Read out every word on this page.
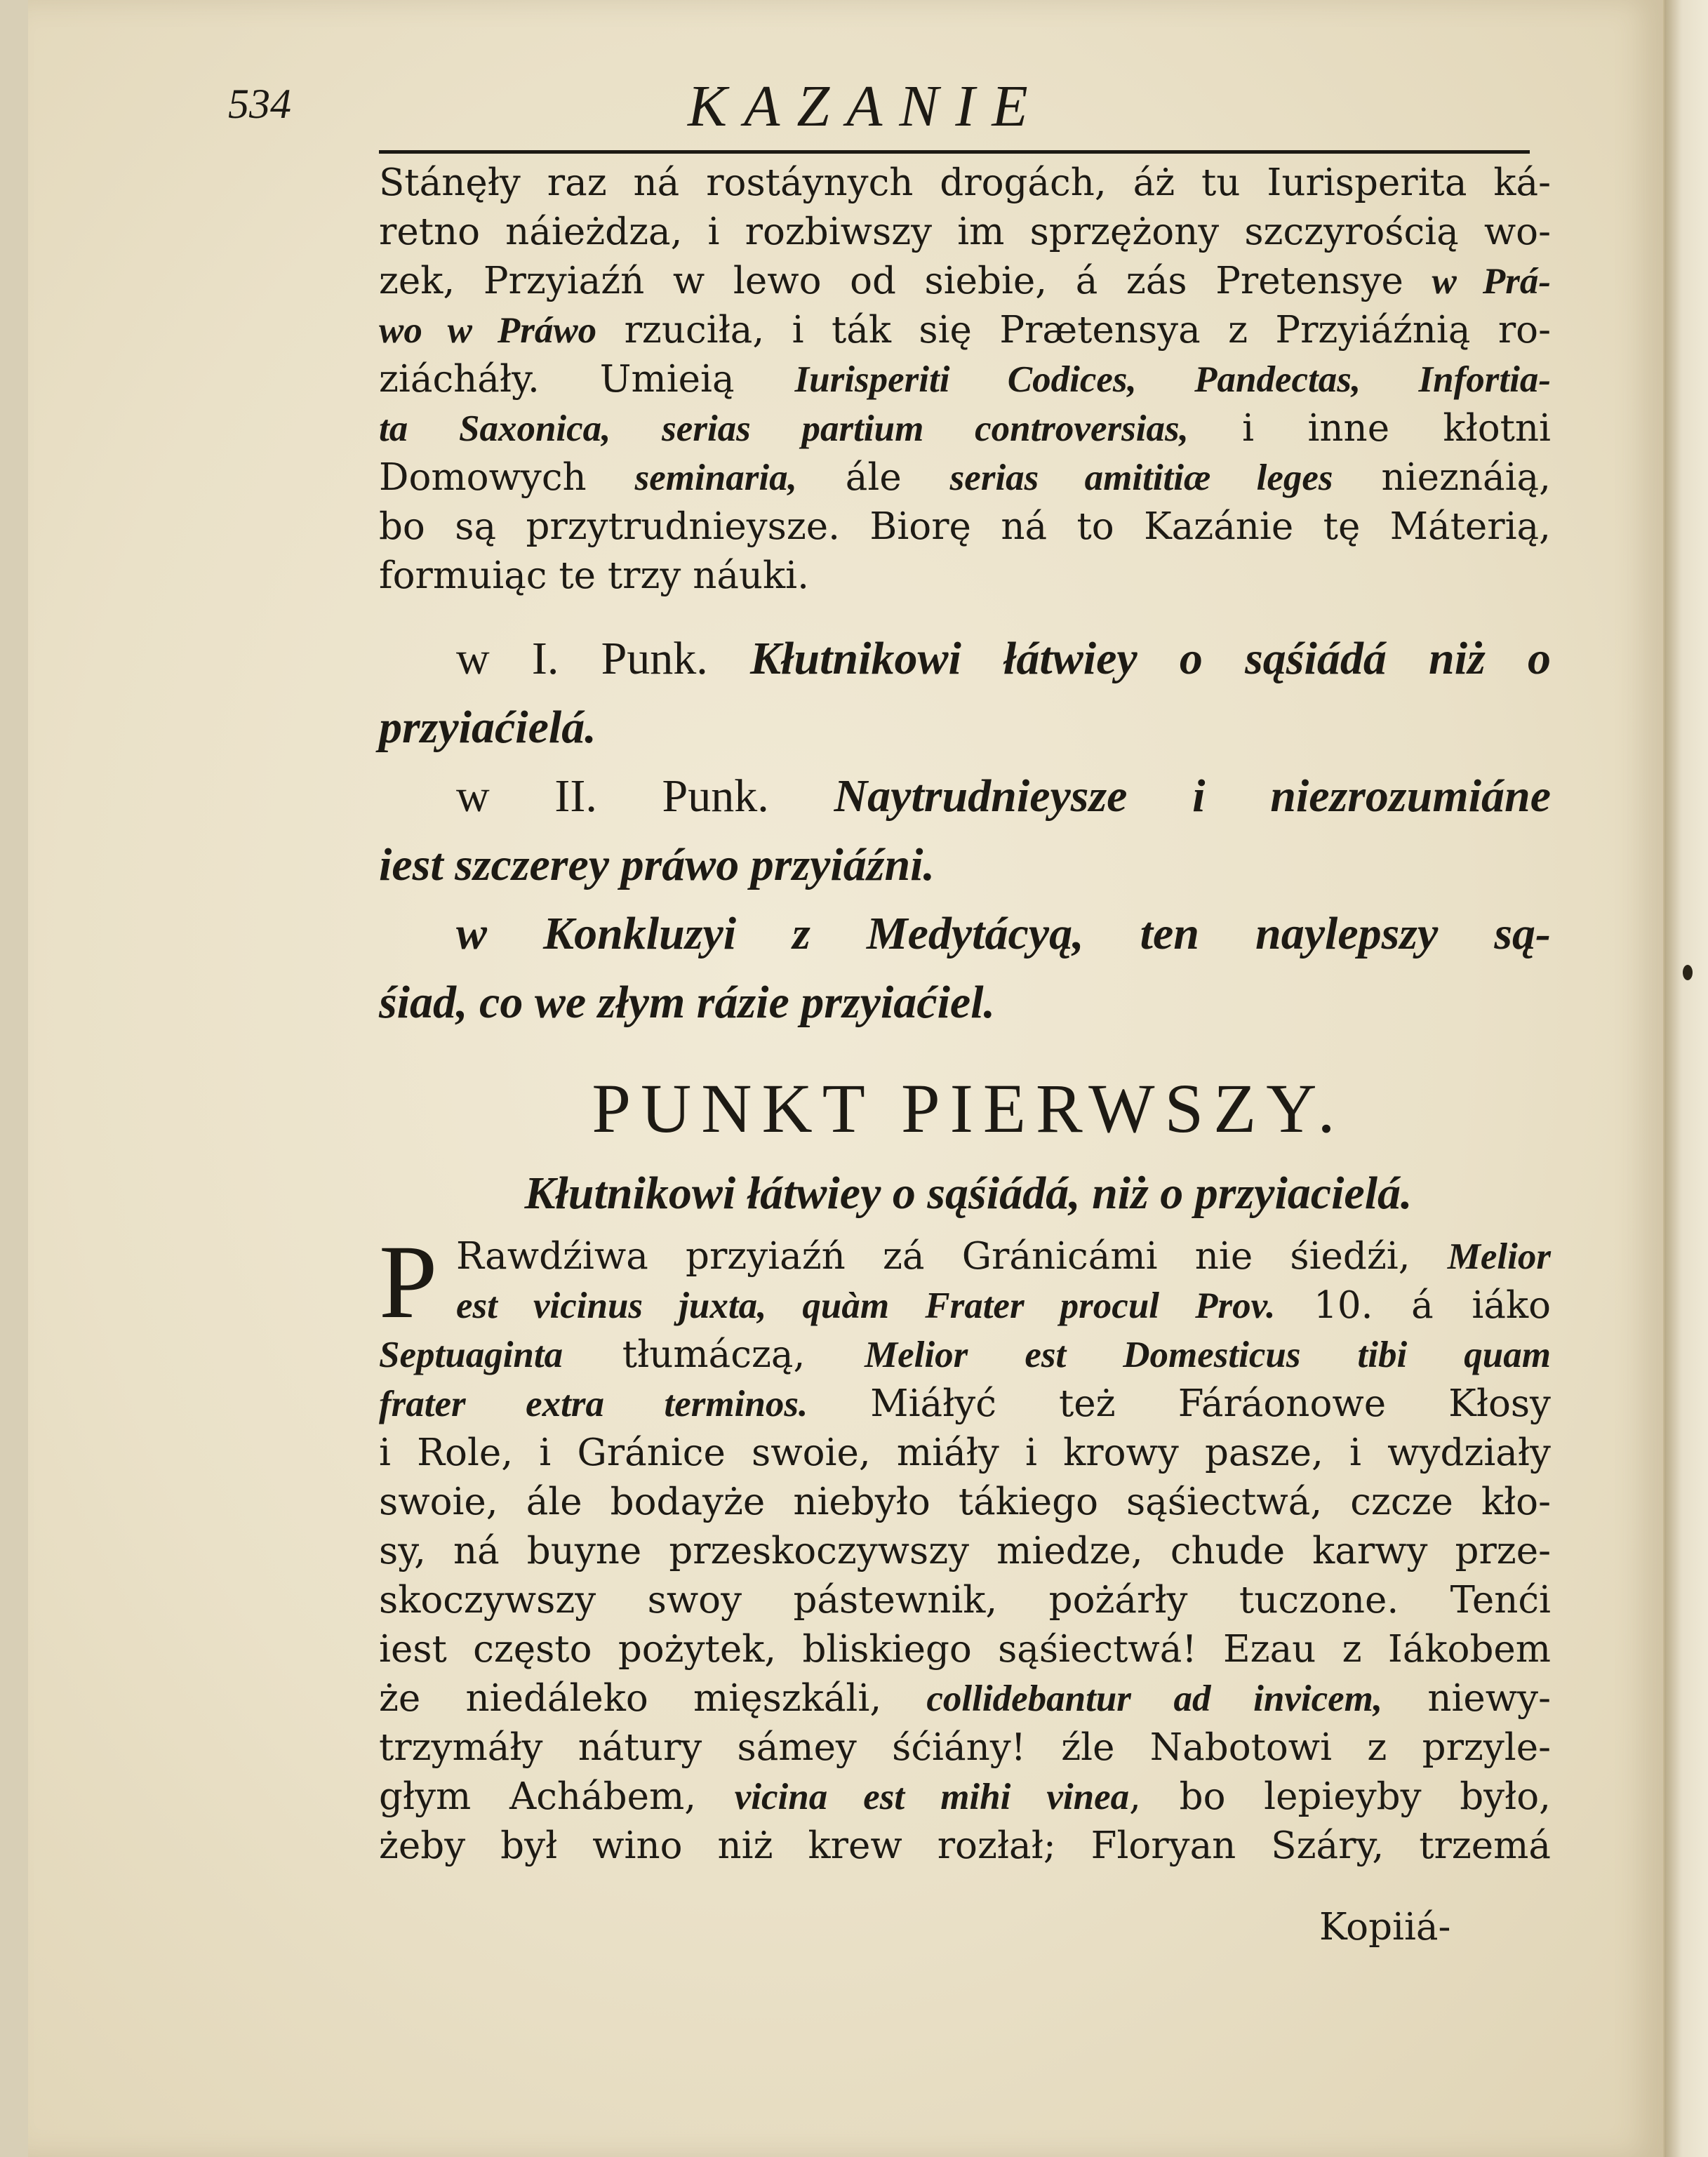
534	KAZANIE
Stánęły raz ná rostáynych drogách, áż tu Iurisperita ká-
retno náieżdza, i rozbiwszy im sprzężony szczyrością wo-
zek, Przyiaźń w lewo od siebie, á zás Pretensye w Prá-
wo w Práwo rzuciła, i ták się Prætensya z Przyiáźnią ro-
ziácháły. Umieią Iurisperiti Codices, Pandectas, Infortia-
ta Saxonica, serias partium controversias, i inne kłotni
Domowych seminaria, ále serias amititiæ leges nieznáią,
bo są przytrudnieysze. Biorę ná to Kazánie tę Máterią,
formuiąc te trzy náuki.
w I. Punk. Kłutnikowi łátwiey o sąśiádá niż o
przyiaćielá.
w II. Punk. Naytrudnieysze i niezrozumiáne
iest szczerey práwo przyiáźni.
w Konkluzyi z Medytácyą, ten naylepszy są-
śiad, co we złym rázie przyiaćiel.
PUNKT PIERWSZY.
Kłutnikowi łátwiey o sąśiádá, niż o przyiacielá.
P Rawdźiwa przyiaźń zá Gránicámi nie śiedźi, Melior
est vicinus juxta, quàm Frater procul Prov. 10. á iáko
Septuaginta tłumáczą, Melior est Domesticus tibi quam
frater extra terminos. Miáłyć też Fáráonowe Kłosy
i Role, i Gránice swoie, miáły i krowy pasze, i wydziały
swoie, ále bodayże niebyło tákiego sąśiectwá, czcze kło-
sy, ná buyne przeskoczywszy miedze, chude karwy prze-
skoczywszy swoy pástewnik, pożárły tuczone. Tenći
iest często pożytek, bliskiego sąśiectwá! Ezau z Iákobem
że niedáleko mięszkáli, collidebantur ad invicem, niewy-
trzymáły nátury sámey śćiány! źle Nabotowi z przyle-
głym Achábem, vicina est mihi vinea, bo lepieyby było,
żeby był wino niż krew rozłał; Floryan Száry, trzemá
Kopiiá-
